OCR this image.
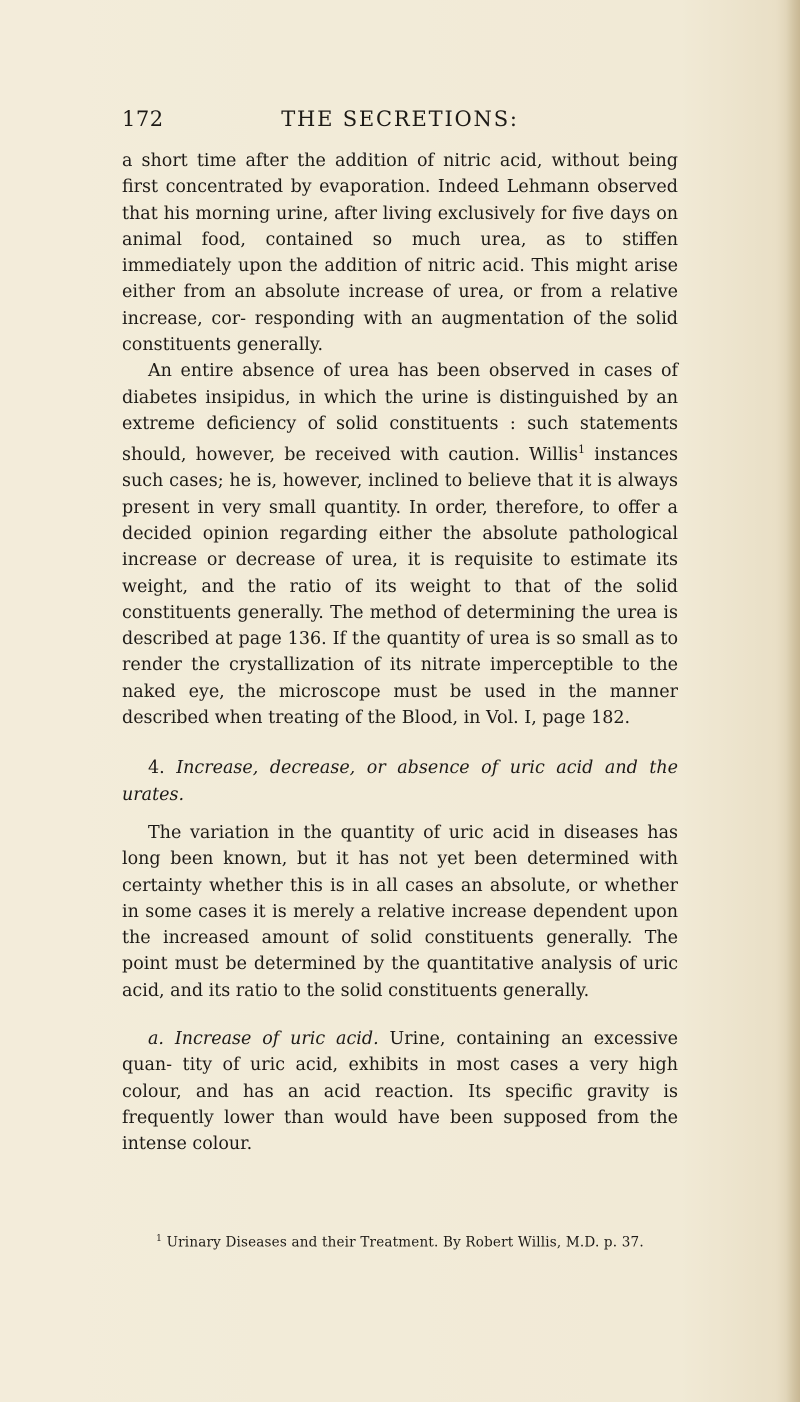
172	THE SECRETIONS:

a short time after the addition of nitric acid, without being first concentrated by evaporation. Indeed Lehmann observed that his morning urine, after living exclusively for five days on animal food, contained so much urea, as to stiffen immediately upon the addition of nitric acid. This might arise either from an absolute increase of urea, or from a relative increase, cor- responding with an augmentation of the solid constituents generally.

An entire absence of urea has been observed in cases of diabetes insipidus, in which the urine is distinguished by an extreme deficiency of solid constituents : such statements should, however, be received with caution. Willis$^1$ instances such cases; he is, however, inclined to believe that it is always present in very small quantity. In order, therefore, to offer a decided opinion regarding either the absolute pathological increase or decrease of urea, it is requisite to estimate its weight, and the ratio of its weight to that of the solid constituents generally. The method of determining the urea is described at page 136. If the quantity of urea is so small as to render the crystallization of its nitrate imperceptible to the naked eye, the microscope must be used in the manner described when treating of the Blood, in Vol. I, page 182.

4. Increase, decrease, or absence of uric acid and the urates.

The variation in the quantity of uric acid in diseases has long been known, but it has not yet been determined with certainty whether this is in all cases an absolute, or whether in some cases it is merely a relative increase dependent upon the increased amount of solid constituents generally. The point must be determined by the quantitative analysis of uric acid, and its ratio to the solid constituents generally.

a. Increase of uric acid. Urine, containing an excessive quan- tity of uric acid, exhibits in most cases a very high colour, and has an acid reaction. Its specific gravity is frequently lower than would have been supposed from the intense colour.

$^1$ Urinary Diseases and their Treatment. By Robert Willis, M.D. p. 37.
